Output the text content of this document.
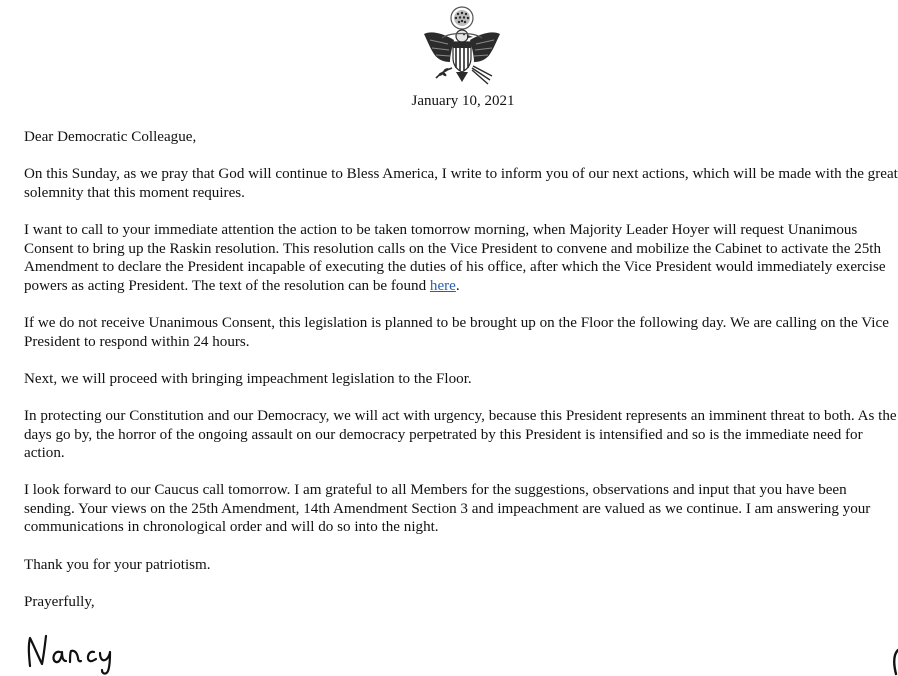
January 10, 2021

Dear Democratic Colleague,

On this Sunday, as we pray that God will continue to Bless America, I write to inform you of our next actions, which will be made with the great solemnity that this moment requires.

I want to call to your immediate attention the action to be taken tomorrow morning, when Majority Leader Hoyer will request Unanimous Consent to bring up the Raskin resolution. This resolution calls on the Vice President to convene and mobilize the Cabinet to activate the 25th Amendment to declare the President incapable of executing the duties of his office, after which the Vice President would immediately exercise powers as acting President. The text of the resolution can be found here.

If we do not receive Unanimous Consent, this legislation is planned to be brought up on the Floor the following day. We are calling on the Vice President to respond within 24 hours.

Next, we will proceed with bringing impeachment legislation to the Floor.

In protecting our Constitution and our Democracy, we will act with urgency, because this President represents an imminent threat to both. As the days go by, the horror of the ongoing assault on our democracy perpetrated by this President is intensified and so is the immediate need for action.

I look forward to our Caucus call tomorrow. I am grateful to all Members for the suggestions, observations and input that you have been sending. Your views on the 25th Amendment, 14th Amendment Section 3 and impeachment are valued as we continue. I am answering your communications in chronological order and will do so into the night.

Thank you for your patriotism.

Prayerfully,
